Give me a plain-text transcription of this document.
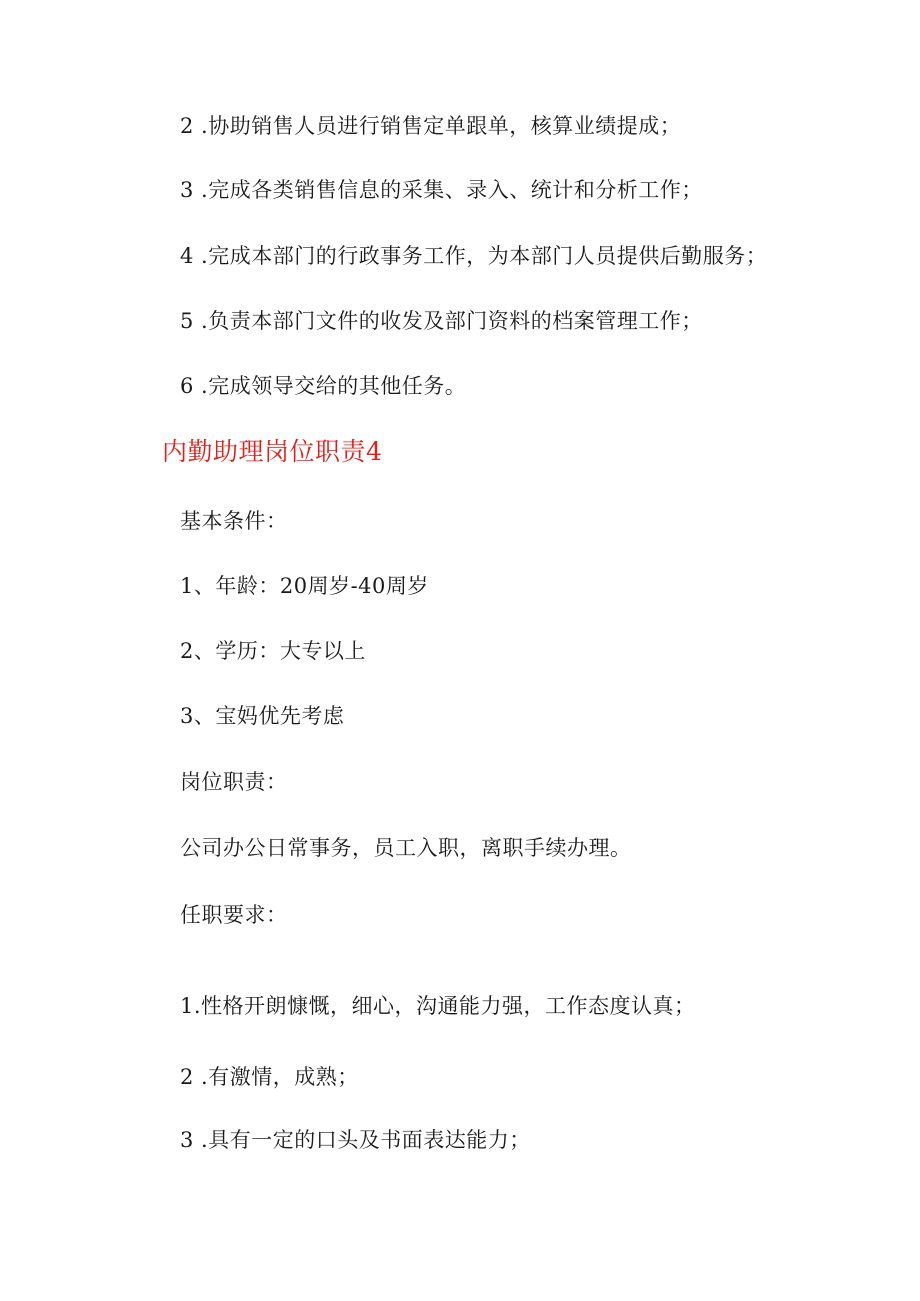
2 .协助销售人员进行销售定单跟单，核算业绩提成；
3 .完成各类销售信息的采集、录入、统计和分析工作；
4 .完成本部门的行政事务工作，为本部门人员提供后勤服务；
5 .负责本部门文件的收发及部门资料的档案管理工作；
6 .完成领导交给的其他任务。
内勤助理岗位职责4
基本条件：
1、年龄：20周岁-40周岁
2、学历：大专以上
3、宝妈优先考虑
岗位职责：
公司办公日常事务，员工入职，离职手续办理。
任职要求：
1.性格开朗慷慨，细心，沟通能力强，工作态度认真；
2 .有激情，成熟；
3 .具有一定的口头及书面表达能力；
